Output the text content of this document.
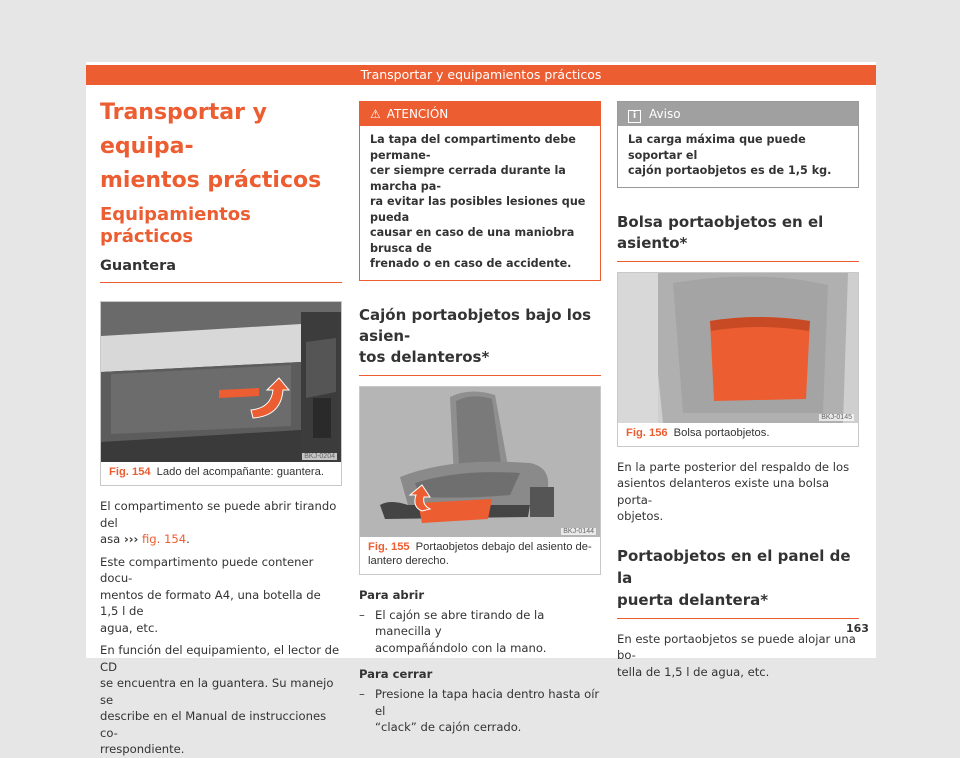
Transportar y equipamientos prácticos
Transportar y equipa-
mientos prácticos
Equipamientos prácticos
Guantera
BKJ-0204
Fig. 154 Lado del acompañante: guantera.

El compartimento se puede abrir tirando del
asa ››› fig. 154.

Este compartimento puede contener docu-
mentos de formato A4, una botella de 1,5 l de
agua, etc.

En función del equipamiento, el lector de CD
se encuentra en la guantera. Su manejo se
describe en el Manual de instrucciones co-
rrespondiente.

⚠ ATENCIÓN
La tapa del compartimento debe permane-
cer siempre cerrada durante la marcha pa-
ra evitar las posibles lesiones que pueda
causar en caso de una maniobra brusca de
frenado o en caso de accidente.
Cajón portaobjetos bajo los asien-
tos delanteros*
BKJ-0144
Fig. 155 Portaobjetos debajo del asiento de-
lantero derecho.
Para abrir
– El cajón se abre tirando de la manecilla y
acompañándolo con la mano.
Para cerrar
– Presione la tapa hacia dentro hasta oír el
“clack” de cajón cerrado.
i Aviso
La carga máxima que puede soportar el
cajón portaobjetos es de 1,5 kg.
Bolsa portaobjetos en el asiento*
BKJ-0145
Fig. 156 Bolsa portaobjetos.

En la parte posterior del respaldo de los
asientos delanteros existe una bolsa porta-
objetos.

Portaobjetos en el panel de la
puerta delantera*

En este portaobjetos se puede alojar una bo-
tella de 1,5 l de agua, etc.

163
